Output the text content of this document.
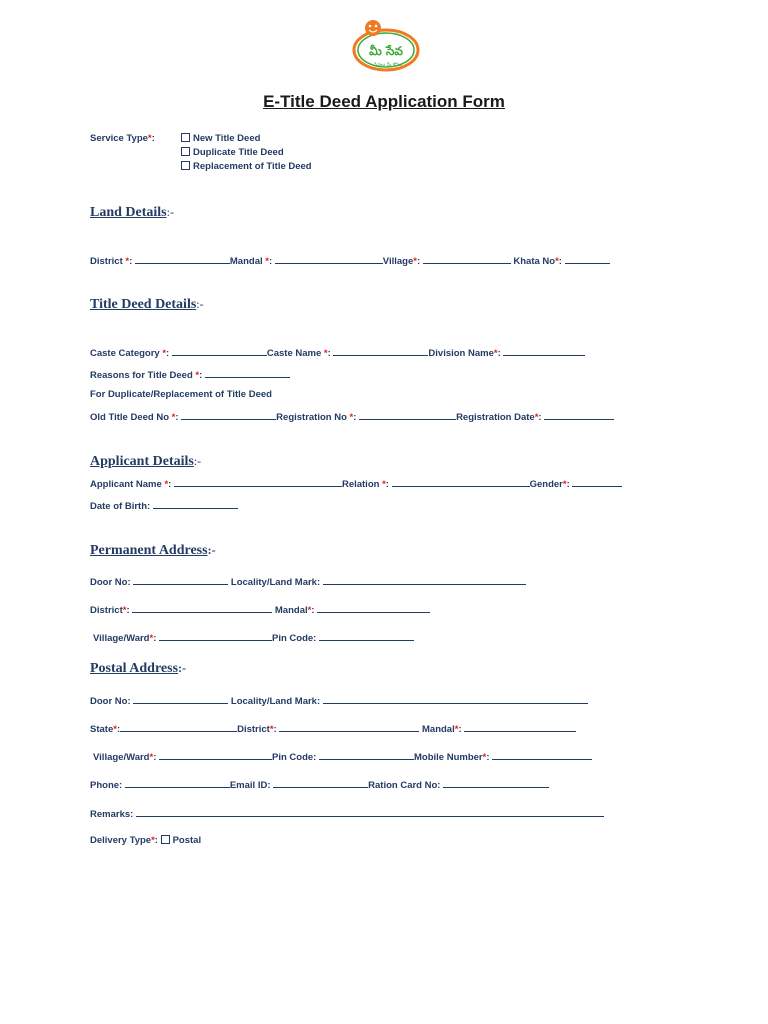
మీ సేవ
సేవలు మీ కోసం
E-Title Deed Application Form
Service Type*:	New Title Deed
Duplicate Title Deed
Replacement of Title Deed
Land Details:-
District *:	Mandal *:	Village*:	Khata No*:
Title Deed Details:-
Caste Category *:	Caste Name *:	Division Name*:
Reasons for Title Deed *:
For Duplicate/Replacement of Title Deed
Old Title Deed No *:	Registration No *:	Registration Date*:
Applicant Details:-
Applicant Name *:	Relation *:	Gender*:
Date of Birth:
Permanent Address:-
Door No:	Locality/Land Mark:
District*:	Mandal*:
Village/Ward*:	Pin Code:
Postal Address:-
Door No:	Locality/Land Mark:
State*:	District*:	Mandal*:
Village/Ward*:	Pin Code:	Mobile Number*:
Phone:	Email ID:	Ration Card No:
Remarks:
Delivery Type*: Postal
